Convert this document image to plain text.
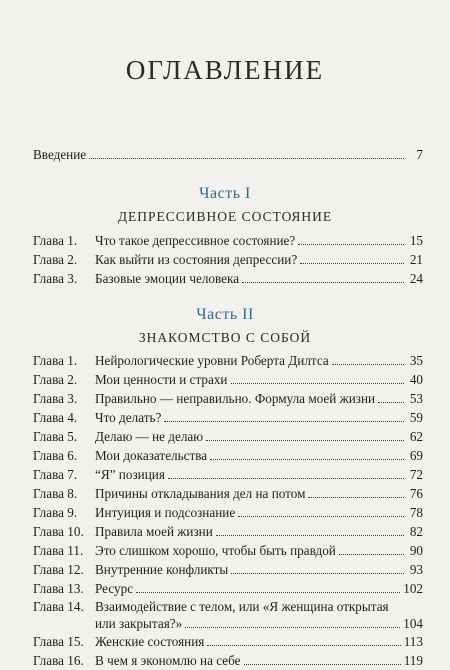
ОГЛАВЛЕНИЕ
Введение	7
Часть I
ДЕПРЕССИВНОЕ СОСТОЯНИЕ
Глава 1.	Что такое депрессивное состояние?	15
Глава 2.	Как выйти из состояния депрессии?	21
Глава 3.	Базовые эмоции человека	24
Часть II
ЗНАКОМСТВО С СОБОЙ
Глава 1.	Нейрологические уровни Роберта Дилтса	35
Глава 2.	Мои ценности и страхи	40
Глава 3.	Правильно — неправильно. Формула моей жизни	53
Глава 4.	Что делать?	59
Глава 5.	Делаю — не делаю	62
Глава 6.	Мои доказательства	69
Глава 7.	“Я” позиция	72
Глава 8.	Причины откладывания дел на потом	76
Глава 9.	Интуиция и подсознание	78
Глава 10. Правила моей жизни	82
Глава 11. Это слишком хорошо, чтобы быть правдой	90
Глава 12. Внутренние конфликты	93
Глава 13. Ресурс	102
Глава 14. Взаимодействие с телом, или «Я женщина открытая
или закрытая?»	104
Глава 15. Женские состояния	113
Глава 16. В чем я экономлю на себе	119
